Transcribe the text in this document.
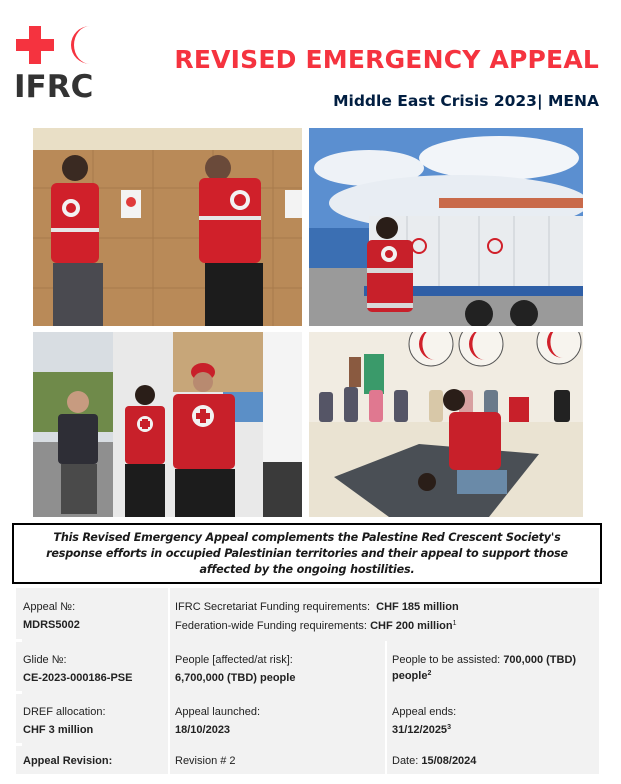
IFRC
REVISED EMERGENCY APPEAL
Middle East Crisis 2023| MENA

This Revised Emergency Appeal complements the Palestine Red Crescent Society's response efforts in occupied Palestinian territories and their appeal to support those affected by the ongoing hostilities.

Appeal №:
MDRS5002
IFRC Secretariat Funding requirements: CHF 185 million
Federation-wide Funding requirements: CHF 200 million$^1$
Glide №:
CE-2023-000186-PSE
People [affected/at risk]:
6,700,000 (TBD) people
People to be assisted: 700,000 (TBD)
people$^2$
DREF allocation:
CHF 3 million
Appeal launched:
18/10/2023
Appeal ends:
31/12/2025$^3$
Appeal Revision:	Revision # 2	Date: 15/08/2024
